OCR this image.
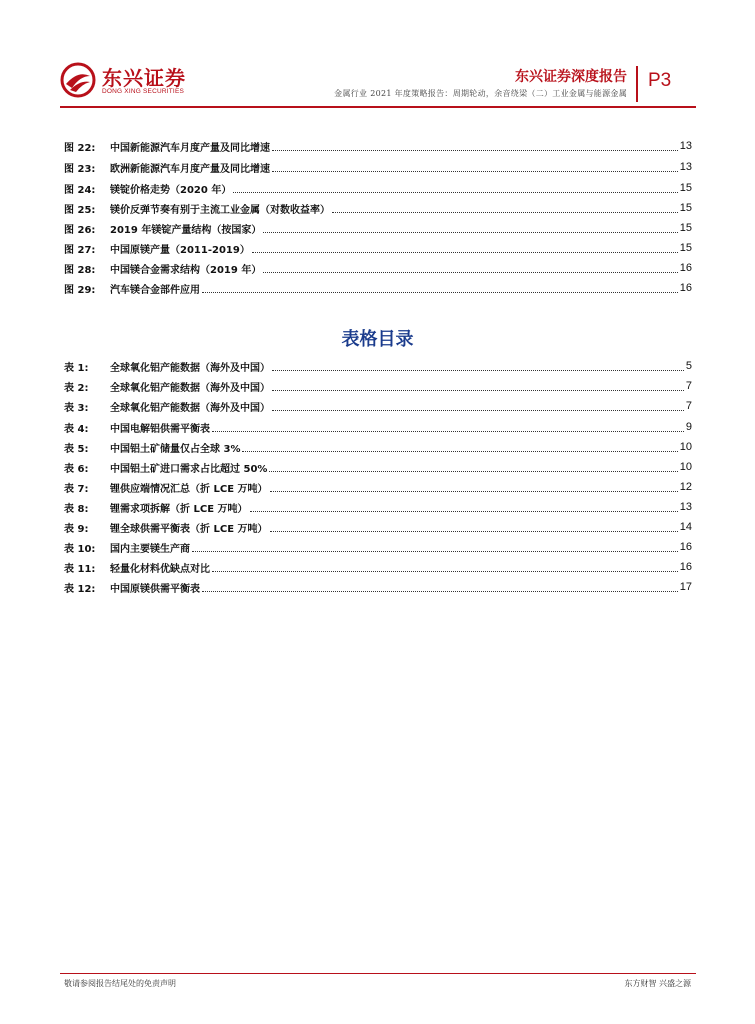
东兴证券
DONG XING SECURITIES
东兴证券深度报告
金属行业 2021 年度策略报告：周期轮动，余音绕梁（二）工业金属与能源金属
P3
图 22:	中国新能源汽车月度产量及同比增速	13
图 23:	欧洲新能源汽车月度产量及同比增速	13
图 24:	镁锭价格走势（2020 年）	15
图 25:	镁价反弹节奏有别于主流工业金属（对数收益率）	15
图 26:	2019 年镁锭产量结构（按国家）	15
图 27:	中国原镁产量（2011-2019）	15
图 28:	中国镁合金需求结构（2019 年）	16
图 29:	汽车镁合金部件应用	16
表格目录
表 1:	全球氧化铝产能数据（海外及中国）	5
表 2:	全球氧化铝产能数据（海外及中国）	7
表 3:	全球氧化铝产能数据（海外及中国）	7
表 4:	中国电解铝供需平衡表	9
表 5:	中国铝土矿储量仅占全球 3%	10
表 6:	中国铝土矿进口需求占比超过 50%	10
表 7:	锂供应端情况汇总（折 LCE 万吨）	12
表 8:	锂需求项拆解（折 LCE 万吨）	13
表 9:	锂全球供需平衡表（折 LCE 万吨）	14
表 10:	国内主要镁生产商	16
表 11:	轻量化材料优缺点对比	16
表 12:	中国原镁供需平衡表	17
敬请参阅报告结尾处的免责声明	东方财智 兴盛之源
